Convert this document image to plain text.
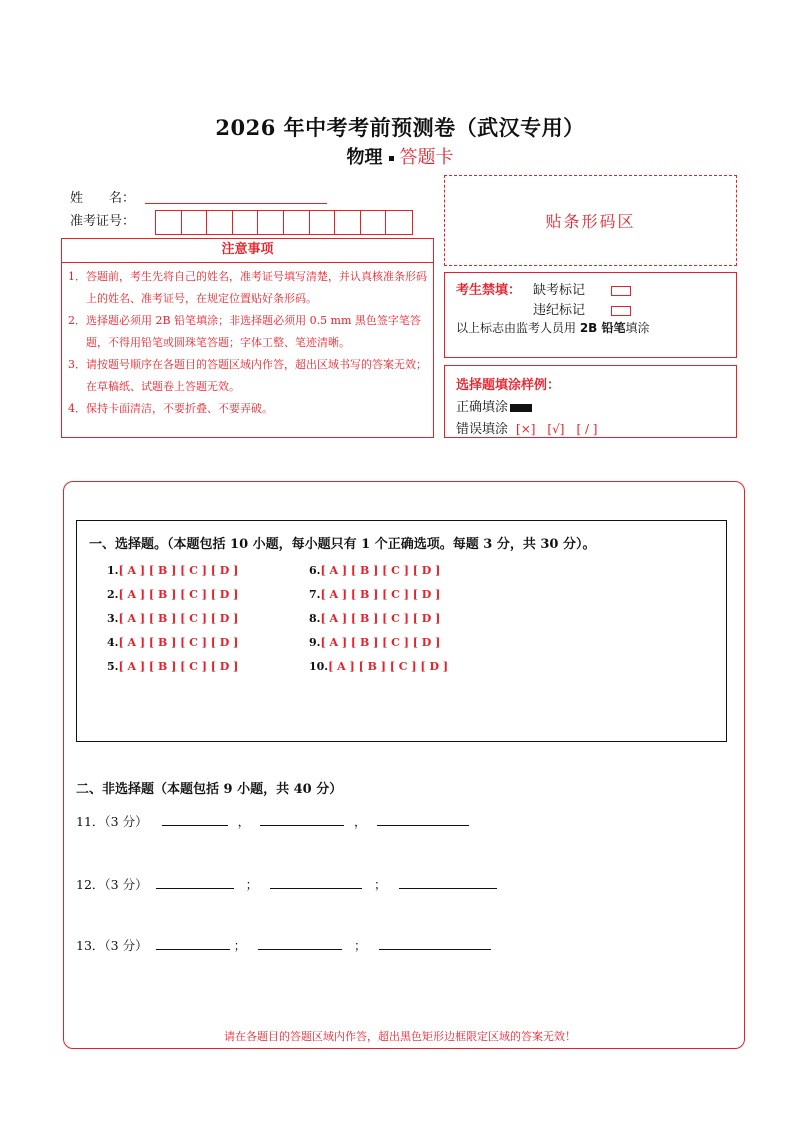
2026 年中考考前预测卷（武汉专用）
物理 答题卡
姓　　名：
准考证号：
注意事项
1．答题前，考生先将自己的姓名，准考证号填写清楚，并认真核准条形码上的姓名、准考证号，在规定位置贴好条形码。
2．选择题必须用 2B 铅笔填涂；非选择题必须用 0.5 mm 黑色签字笔答题，不得用铅笔或圆珠笔答题；字体工整、笔迹清晰。
3．请按题号顺序在各题目的答题区域内作答，超出区域书写的答案无效；在草稿纸、试题卷上答题无效。
4．保持卡面清洁，不要折叠、不要弄破。
贴条形码区
考生禁填： 缺考标记
违纪标记
以上标志由监考人员用 2B 铅笔填涂
选择题填涂样例：
正确填涂
错误填涂 [×]　[√]　[ / ]
一、选择题。（本题包括 10 小题，每小题只有 1 个正确选项。每题 3 分，共 30 分）。
1.[ A ] [ B ] [ C ] [ D ]
2.[ A ] [ B ] [ C ] [ D ]
3.[ A ] [ B ] [ C ] [ D ]
4.[ A ] [ B ] [ C ] [ D ]
5.[ A ] [ B ] [ C ] [ D ]
6.[ A ] [ B ] [ C ] [ D ]
7.[ A ] [ B ] [ C ] [ D ]
8.[ A ] [ B ] [ C ] [ D ]
9.[ A ] [ B ] [ C ] [ D ]
10.[ A ] [ B ] [ C ] [ D ]
二、非选择题（本题包括 9 小题，共 40 分）
11．（3 分）	，	，
12．（3 分）	；	；
13．（3 分）	；	；
请在各题目的答题区域内作答，超出黑色矩形边框限定区域的答案无效！
